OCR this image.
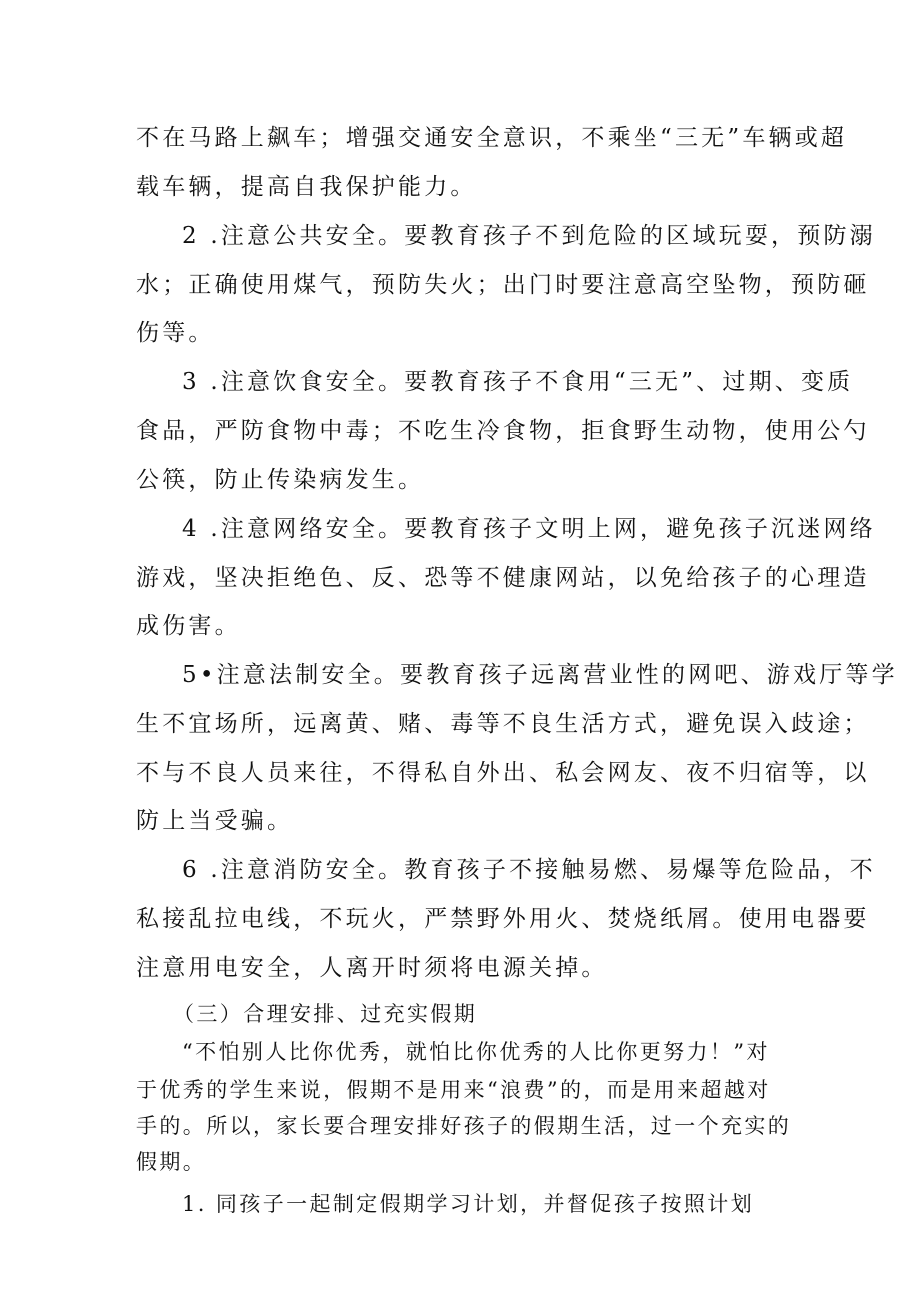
不在马路上飙车；增强交通安全意识，不乘坐“三无”车辆或超
载车辆，提高自我保护能力。
2 .注意公共安全。要教育孩子不到危险的区域玩耍，预防溺
水；正确使用煤气，预防失火；出门时要注意高空坠物，预防砸
伤等。
3 .注意饮食安全。要教育孩子不食用“三无”、过期、变质
食品，严防食物中毒；不吃生冷食物，拒食野生动物，使用公勺
公筷，防止传染病发生。
4 .注意网络安全。要教育孩子文明上网，避免孩子沉迷网络
游戏，坚决拒绝色、反、恐等不健康网站，以免给孩子的心理造
成伤害。
5•注意法制安全。要教育孩子远离营业性的网吧、游戏厅等学
生不宜场所，远离黄、赌、毒等不良生活方式，避免误入歧途；
不与不良人员来往，不得私自外出、私会网友、夜不归宿等，以
防上当受骗。
6 .注意消防安全。教育孩子不接触易燃、易爆等危险品，不
私接乱拉电线，不玩火，严禁野外用火、焚烧纸屑。使用电器要
注意用电安全，人离开时须将电源关掉。
（三）合理安排、过充实假期
“不怕别人比你优秀，就怕比你优秀的人比你更努力！”对
于优秀的学生来说，假期不是用来“浪费”的，而是用来超越对
手的。所以，家长要合理安排好孩子的假期生活，过一个充实的
假期。
1. 同孩子一起制定假期学习计划，并督促孩子按照计划
